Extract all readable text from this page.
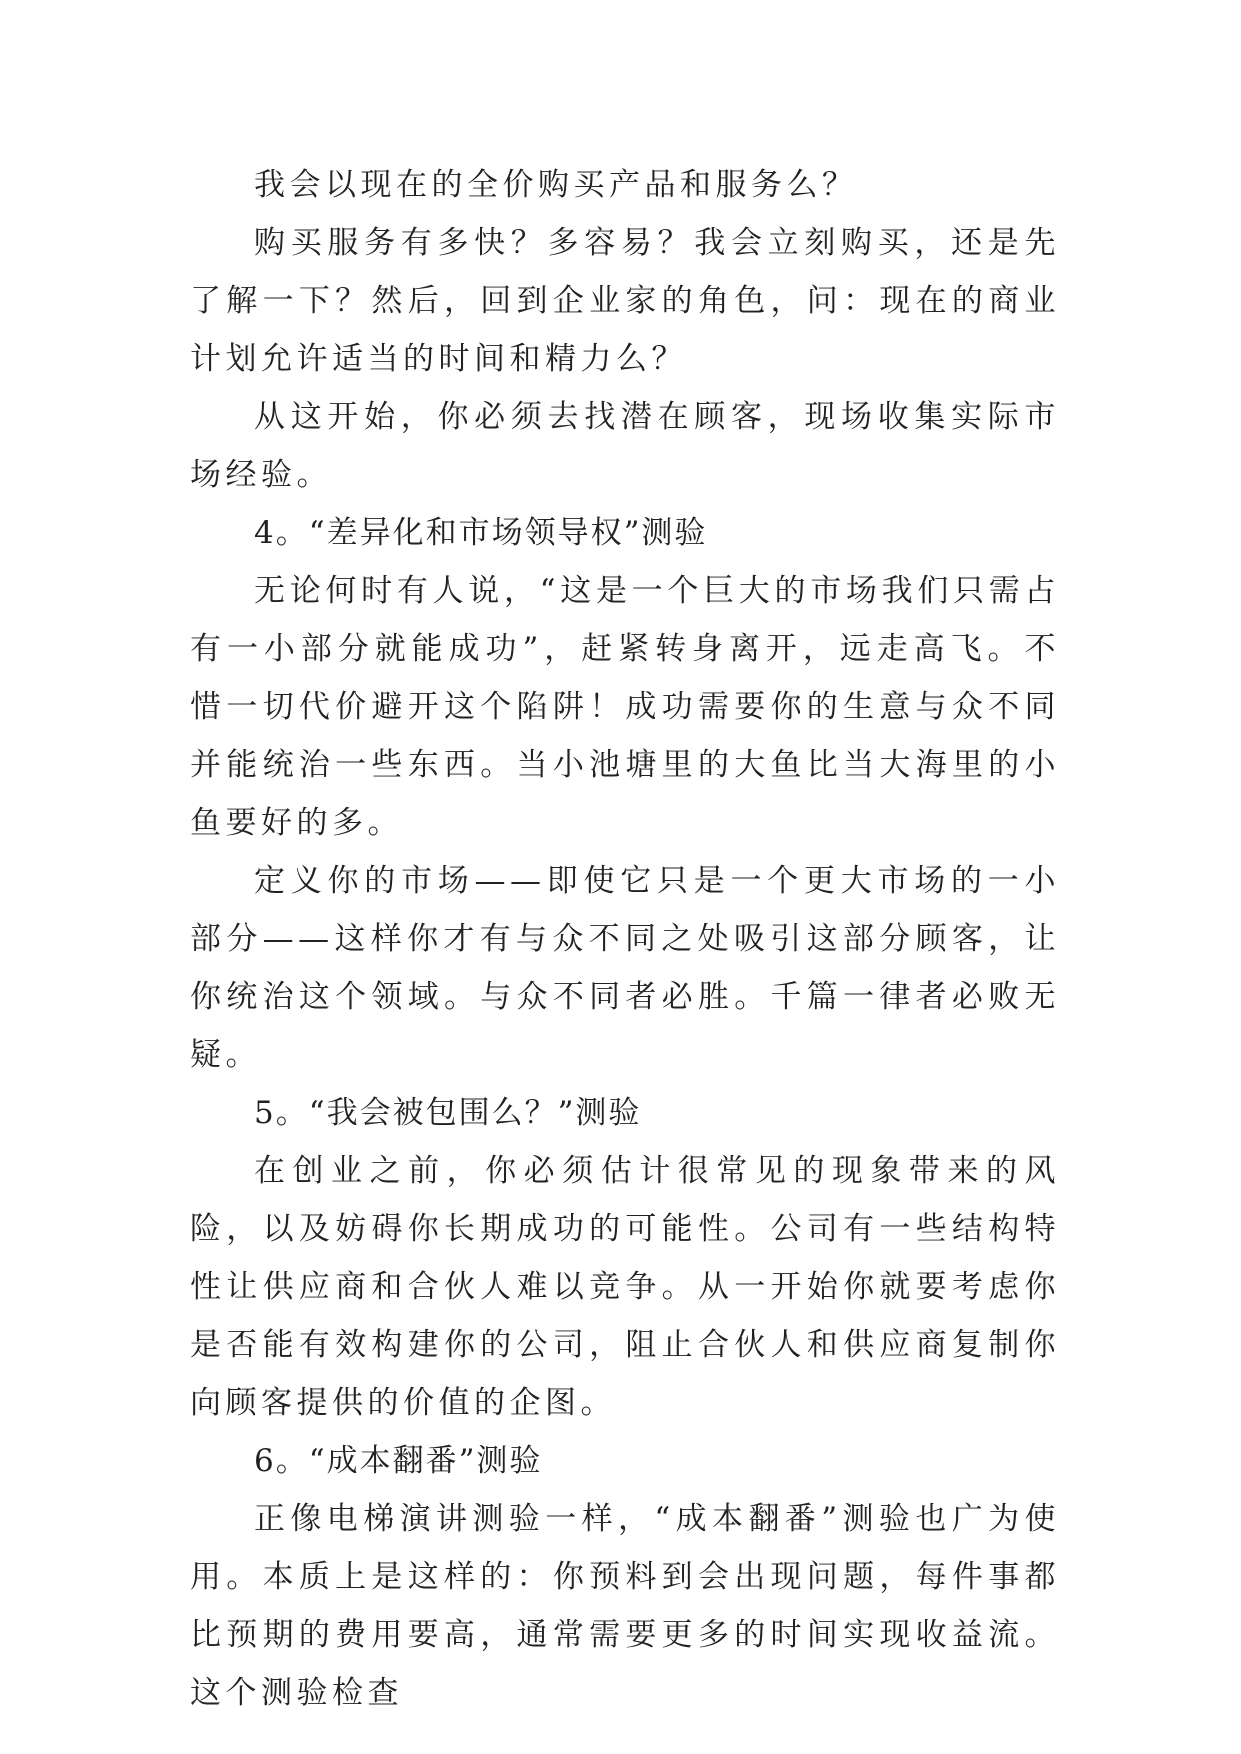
我会以现在的全价购买产品和服务么？

购买服务有多快？多容易？我会立刻购买，还是先了解一下？然后，回到企业家的角色，问：现在的商业计划允许适当的时间和精力么？

从这开始，你必须去找潜在顾客，现场收集实际市场经验。

4。“差异化和市场领导权”测验

无论何时有人说，“这是一个巨大的市场我们只需占有一小部分就能成功”，赶紧转身离开，远走高飞。不惜一切代价避开这个陷阱！成功需要你的生意与众不同并能统治一些东西。当小池塘里的大鱼比当大海里的小鱼要好的多。

定义你的市场——即使它只是一个更大市场的一小部分——这样你才有与众不同之处吸引这部分顾客，让你统治这个领域。与众不同者必胜。千篇一律者必败无疑。

5。“我会被包围么？”测验

在创业之前，你必须估计很常见的现象带来的风险，以及妨碍你长期成功的可能性。公司有一些结构特性让供应商和合伙人难以竞争。从一开始你就要考虑你是否能有效构建你的公司，阻止合伙人和供应商复制你向顾客提供的价值的企图。

6。“成本翻番”测验

正像电梯演讲测验一样，“成本翻番”测验也广为使用。本质上是这样的：你预料到会出现问题，每件事都比预期的费用要高，通常需要更多的时间实现收益流。这个测验检查
